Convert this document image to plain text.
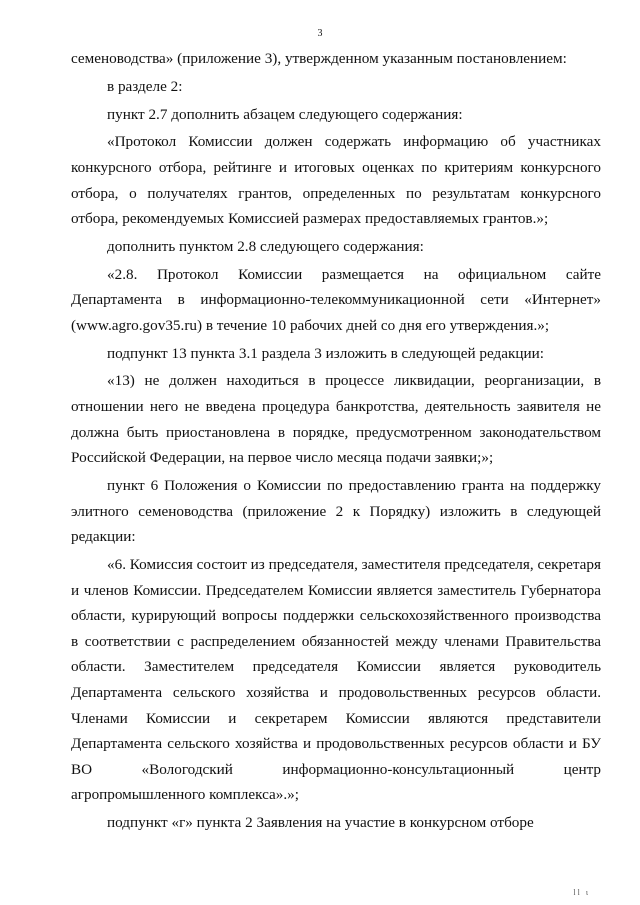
3

семеноводства» (приложение 3), утвержденном указанным постановлением:

в разделе 2:

пункт 2.7 дополнить абзацем следующего содержания:

«Протокол Комиссии должен содержать информацию об участниках конкурсного отбора, рейтинге и итоговых оценках по критериям конкурсного отбора, о получателях грантов, определенных по результатам конкурсного отбора, рекомендуемых Комиссией размерах предоставляемых грантов.»;

дополнить пунктом 2.8 следующего содержания:

«2.8. Протокол Комиссии размещается на официальном сайте Департамента в информационно-телекоммуникационной сети «Интернет» (www.agro.gov35.ru) в течение 10 рабочих дней со дня его утверждения.»;

подпункт 13 пункта 3.1 раздела 3 изложить в следующей редакции:

«13) не должен находиться в процессе ликвидации, реорганизации, в отношении него не введена процедура банкротства, деятельность заявителя не должна быть приостановлена в порядке, предусмотренном законодательством Российской Федерации, на первое число месяца подачи заявки;»;

пункт 6 Положения о Комиссии по предоставлению гранта на поддержку элитного семеноводства (приложение 2 к Порядку) изложить в следующей редакции:

«6. Комиссия состоит из председателя, заместителя председателя, секретаря и членов Комиссии. Председателем Комиссии является заместитель Губернатора области, курирующий вопросы поддержки сельскохозяйственного производства в соответствии с распределением обязанностей между членами Правительства области. Заместителем председателя Комиссии является руководитель Департамента сельского хозяйства и продовольственных ресурсов области. Членами Комиссии и секретарем Комиссии являются представители Департамента сельского хозяйства и продовольственных ресурсов области и БУ ВО «Вологодский информационно-консультационный центр агропромышленного комплекса».»;

подпункт «г» пункта 2 Заявления на участие в конкурсном отборе

ll ι
